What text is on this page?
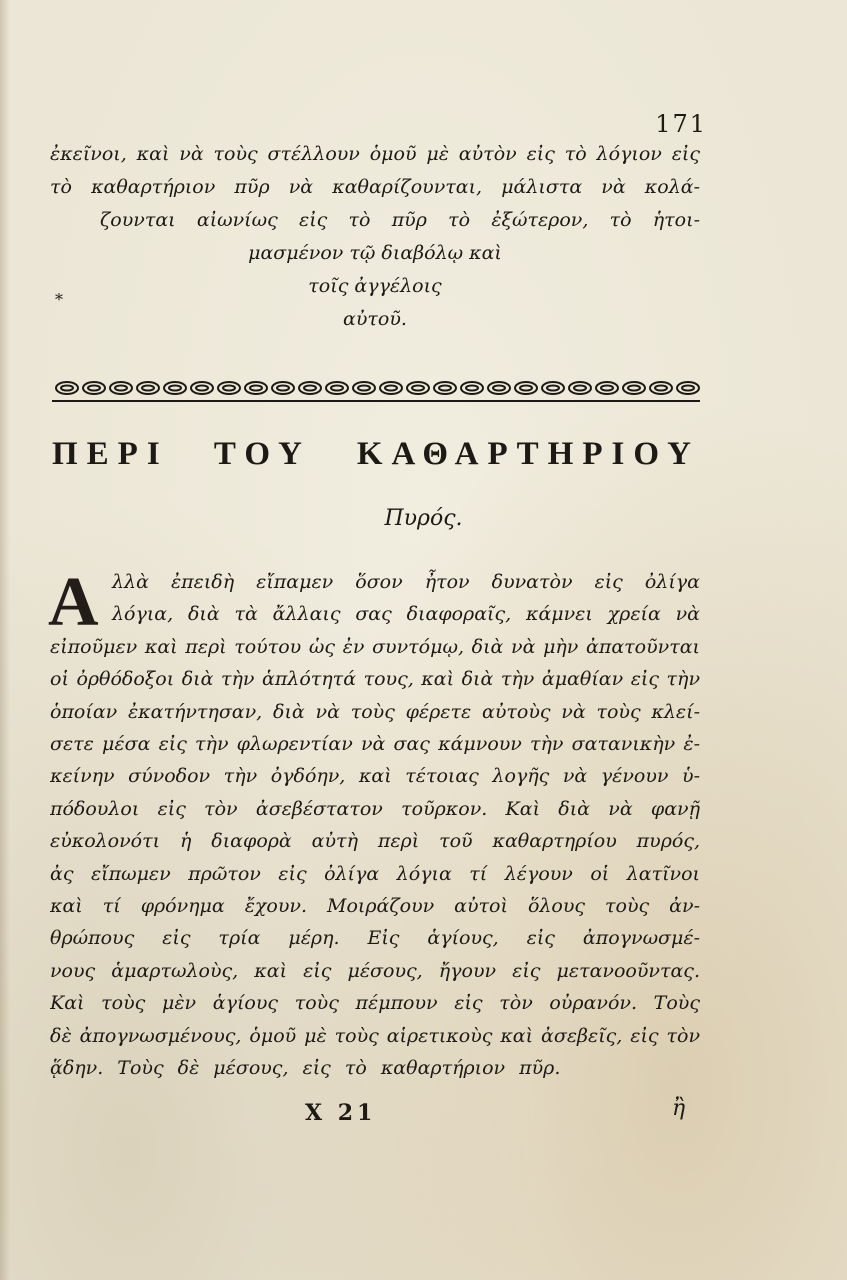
171
ἐκεῖνοι, καὶ νὰ τοὺς στέλλουν ὁμοῦ μὲ αὐτὸν εἰς τὸ λόγιον εἰς
τὸ καθαρτήριον πῦρ νὰ καθαρίζουνται, μάλιστα νὰ κολά-
ζουνται αἰωνίως εἰς τὸ πῦρ τὸ ἐξώτερον, τὸ ἡτοι-
μασμένον τῷ διαβόλῳ καὶ
τοῖς ἀγγέλοις
αὐτοῦ.
*
ΠΕΡΙ ΤΟΥ ΚΑΘΑΡΤΗΡΙΟΥ
Πυρός.
Α λλὰ ἐπειδὴ εἴπαμεν ὅσον ἦτον δυνατὸν εἰς ὀλίγα
λόγια, διὰ τὰ ἄλλαις σας διαφοραῖς, κάμνει χρεία νὰ
εἰποῦμεν καὶ περὶ τούτου ὡς ἐν συντόμῳ, διὰ νὰ μὴν ἀπατοῦνται
οἱ ὀρθόδοξοι διὰ τὴν ἁπλότητά τους, καὶ διὰ τὴν ἀμαθίαν εἰς τὴν
ὁποίαν ἐκατήντησαν, διὰ νὰ τοὺς φέρετε αὐτοὺς νὰ τοὺς κλεί-
σετε μέσα εἰς τὴν φλωρεντίαν νὰ σας κάμνουν τὴν σατανικὴν ἐ-
κείνην σύνοδον τὴν ὀγδόην, καὶ τέτοιας λογῆς νὰ γένουν ὑ-
πόδουλοι εἰς τὸν ἀσεβέστατον τοῦρκον. Καὶ διὰ νὰ φανῇ
εὐκολονότι ἡ διαφορὰ αὐτὴ περὶ τοῦ καθαρτηρίου πυρός,
ἀς εἴπωμεν πρῶτον εἰς ὀλίγα λόγια τί λέγουν οἱ λατῖνοι
καὶ τί φρόνημα ἔχουν. Μοιράζουν αὐτοὶ ὅλους τοὺς ἀν-
θρώπους εἰς τρία μέρη. Εἰς ἁγίους, εἰς ἀπογνωσμέ-
νους ἁμαρτωλοὺς, καὶ εἰς μέσους, ἤγουν εἰς μετανοοῦντας.
Καὶ τοὺς μὲν ἁγίους τοὺς πέμπουν εἰς τὸν οὐρανόν. Τοὺς
δὲ ἀπογνωσμένους, ὁμοῦ μὲ τοὺς αἱρετικοὺς καὶ ἀσεβεῖς, εἰς τὸν
ᾅδην. Τοὺς δὲ μέσους, εἰς τὸ καθαρτήριον πῦρ.
X 21	ἢ
